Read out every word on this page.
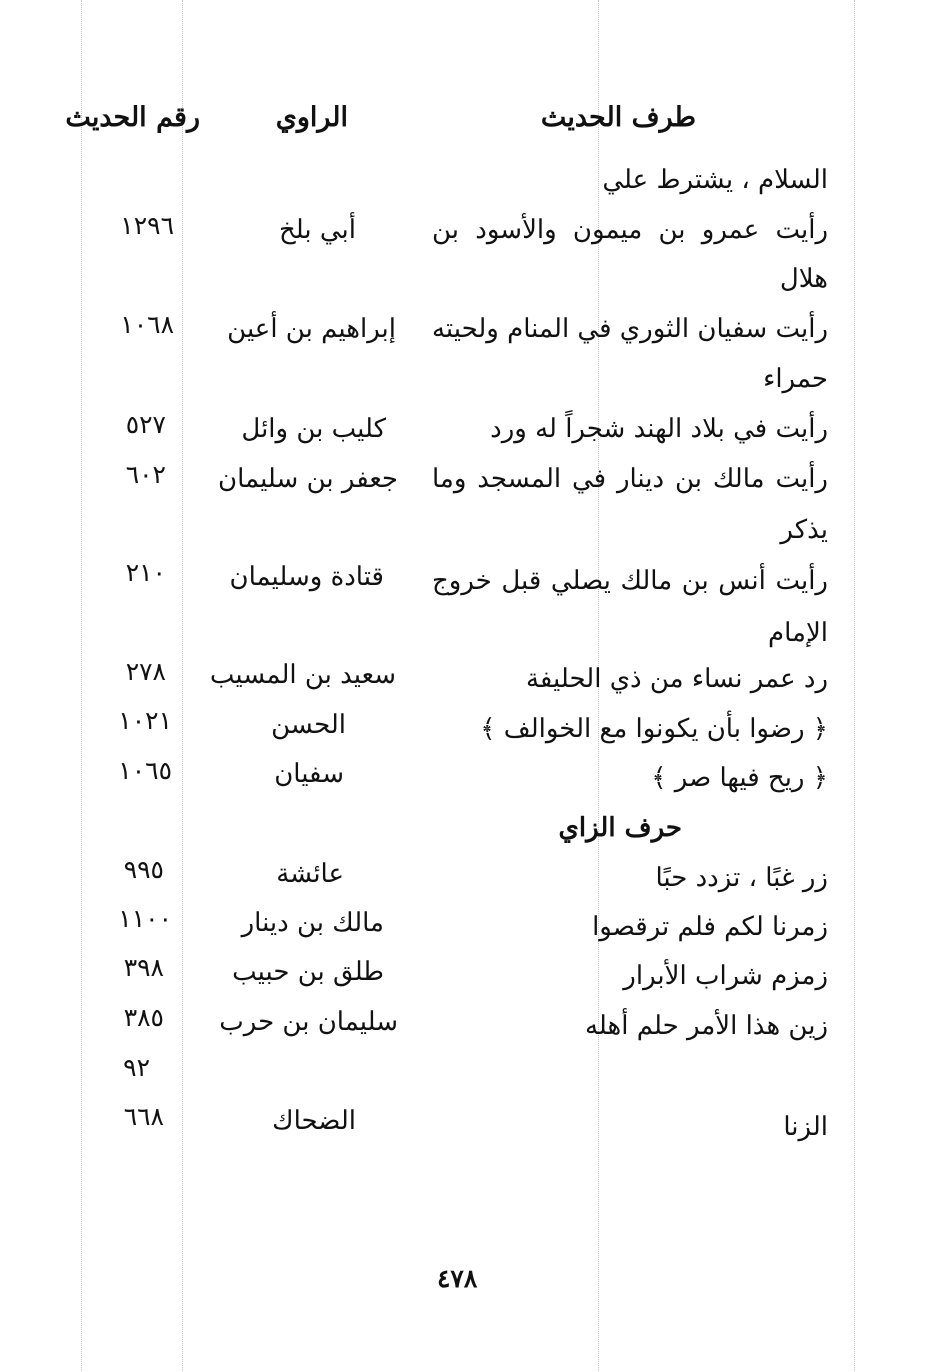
طرف الحديث
الراوي
رقم الحديث
السلام ، يشترط علي
رأيت عمرو بن ميمون والأسود بن
أبي بلخ
١٢٩٦
هلال
رأيت سفيان الثوري في المنام ولحيته
إبراهيم بن أعين
١٠٦٨
حمراء
رأيت في بلاد الهند شجراً له ورد
كليب بن وائل
٥٢٧
رأيت مالك بن دينار في المسجد وما
جعفر بن سليمان
٦٠٢
يذكر
رأيت أنس بن مالك يصلي قبل خروج
قتادة وسليمان
٢١٠
الإمام
رد عمر نساء من ذي الحليفة
سعيد بن المسيب
٢٧٨
﴿ رضوا بأن يكونوا مع الخوالف ﴾
الحسن
١٠٢١
﴿ ريح فيها صر ﴾
سفيان
١٠٦٥
حرف الزاي
زر غبًا ، تزدد حبًا
عائشة
٩٩٥
زمرنا لكم فلم ترقصوا
مالك بن دينار
١١٠٠
زمزم شراب الأبرار
طلق بن حبيب
٣٩٨
زين هذا الأمر حلم أهله
سليمان بن حرب
٣٨٥
٩٢
الزنا
الضحاك
٦٦٨
٤٧٨
